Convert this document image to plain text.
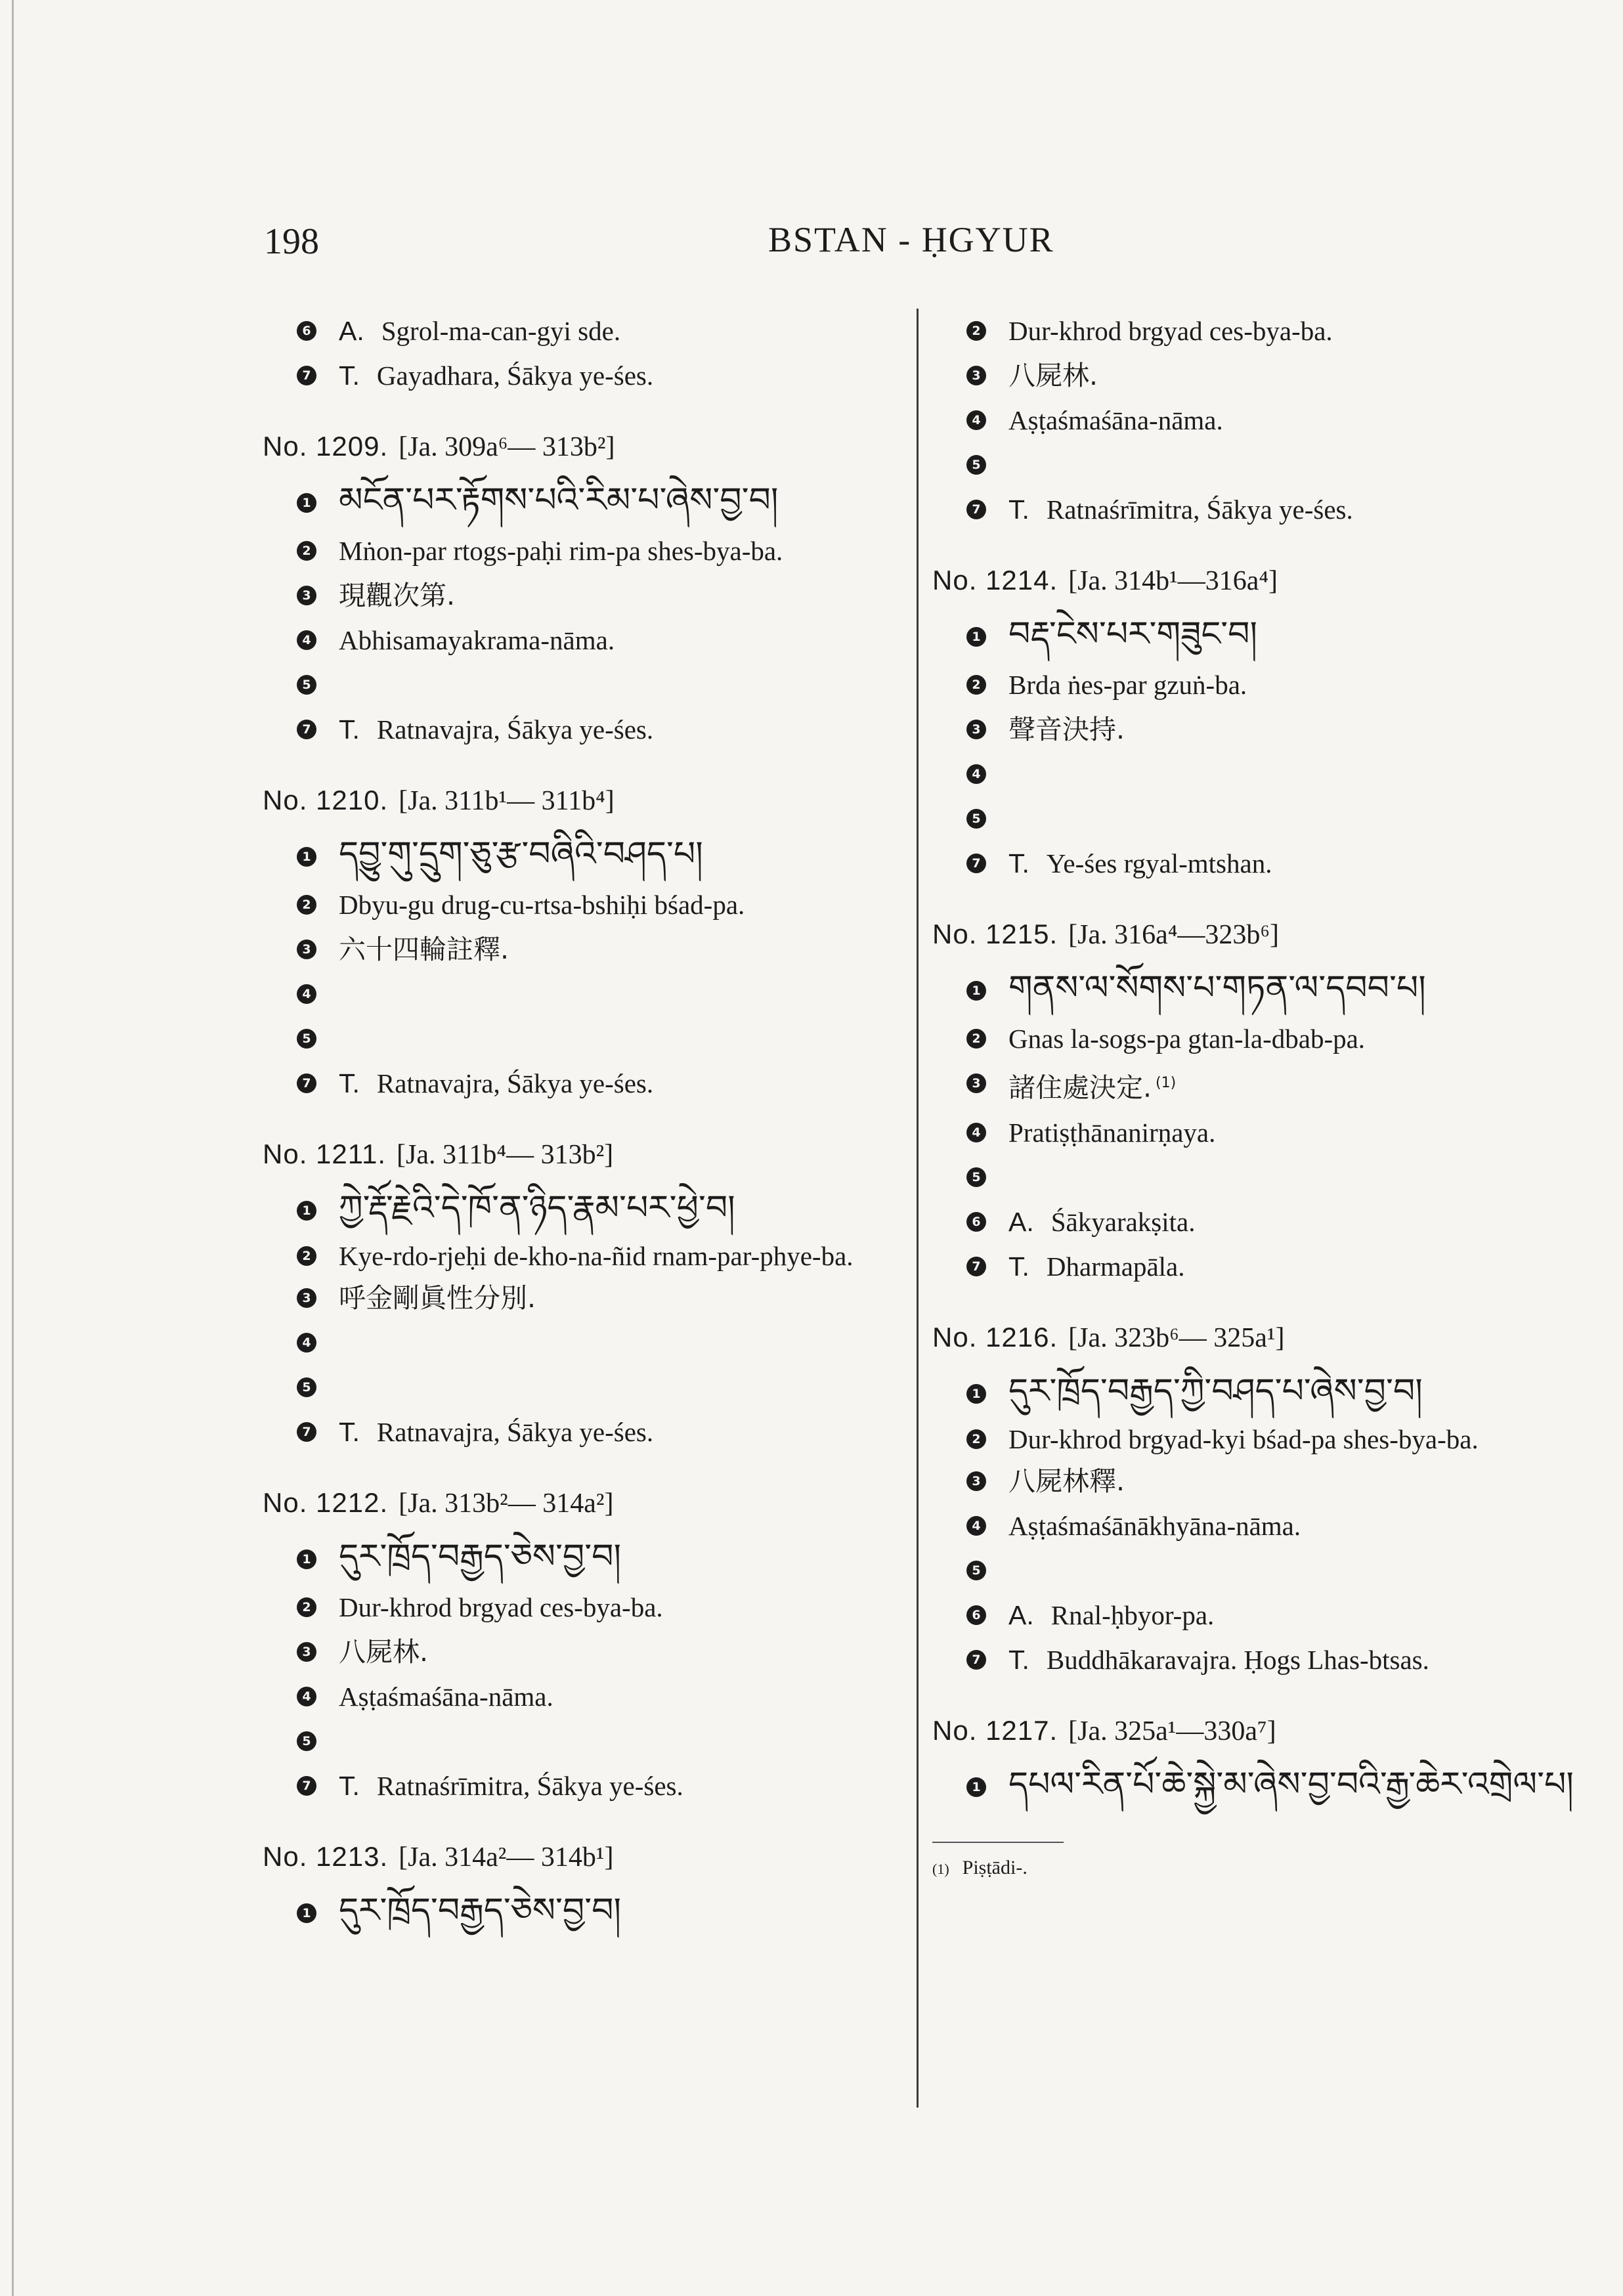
198	BSTAN - ḤGYUR
6 A. Sgrol-ma-can-gyi sde.
7 T. Gayadhara, Śākya ye-śes.
No. 1209. [Ja. 309a⁶— 313b²]
1 མངོན་པར་རྟོགས་པའི་རིམ་པ་ཞེས་བྱ་བ།
2 Mṅon-par rtogs-paḥi rim-pa shes-bya-ba.
3 現觀次第.
4 Abhisamayakrama-nāma.
5
7 T. Ratnavajra, Śākya ye-śes.
No. 1210. [Ja. 311b¹— 311b⁴]
1 དབྱུ་གུ་དྲུག་ཅུ་རྩ་བཞིའི་བཤད་པ།
2 Dbyu-gu drug-cu-rtsa-bshiḥi bśad-pa.
3 六十四輪註釋.
4
5
7 T. Ratnavajra, Śākya ye-śes.
No. 1211. [Ja. 311b⁴— 313b²]
1 ཀྱེ་རྡོ་རྗེའི་དེ་ཁོ་ན་ཉིད་རྣམ་པར་ཕྱེ་བ།
2 Kye-rdo-rjeḥi de-kho-na-ñid rnam-par-phye-ba.
3 呼金剛眞性分別.
4
5
7 T. Ratnavajra, Śākya ye-śes.
No. 1212. [Ja. 313b²— 314a²]
1 དུར་ཁྲོད་བརྒྱད་ཅེས་བྱ་བ།
2 Dur-khrod brgyad ces-bya-ba.
3 八屍林.
4 Aṣṭaśmaśāna-nāma.
5
7 T. Ratnaśrīmitra, Śākya ye-śes.
No. 1213. [Ja. 314a²— 314b¹]
1 དུར་ཁྲོད་བརྒྱད་ཅེས་བྱ་བ།
2 Dur-khrod brgyad ces-bya-ba.
3 八屍林.
4 Aṣṭaśmaśāna-nāma.
5
7 T. Ratnaśrīmitra, Śākya ye-śes.
No. 1214. [Ja. 314b¹—316a⁴]
1 བརྡ་ངེས་པར་གཟུང་བ།
2 Brda ṅes-par gzuṅ-ba.
3 聲音決持.
4
5
7 T. Ye-śes rgyal-mtshan.
No. 1215. [Ja. 316a⁴—323b⁶]
1 གནས་ལ་སོགས་པ་གཏན་ལ་དབབ་པ།
2 Gnas la-sogs-pa gtan-la-dbab-pa.
3 諸住處決定. $^{(1)}$
4 Pratiṣṭhānanirṇaya.
5
6 A. Śākyarakṣita.
7 T. Dharmapāla.
No. 1216. [Ja. 323b⁶— 325a¹]
1 དུར་ཁྲོད་བརྒྱད་ཀྱི་བཤད་པ་ཞེས་བྱ་བ།
2 Dur-khrod brgyad-kyi bśad-pa shes-bya-ba.
3 八屍林釋.
4 Aṣṭaśmaśānākhyāna-nāma.
5
6 A. Rnal-ḥbyor-pa.
7 T. Buddhākaravajra. Ḥogs Lhas-btsas.
No. 1217. [Ja. 325a¹—330a⁷]
1 དཔལ་རིན་པོ་ཆེ་སྐྱེ་མ་ཞེས་བྱ་བའི་རྒྱ་ཆེར་འགྲེལ་པ།
(1) Piṣṭādi-.
